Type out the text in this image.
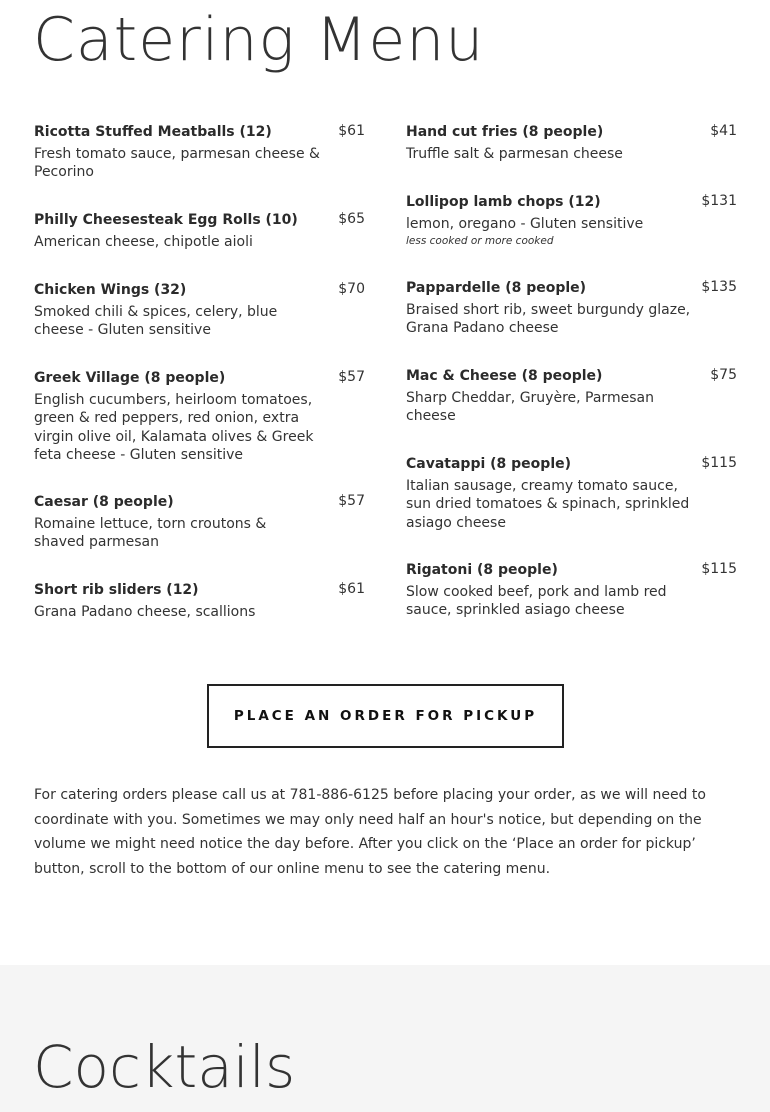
Catering Menu
Ricotta Stuffed Meatballs (12)	$61
Fresh tomato sauce, parmesan cheese & Pecorino
Philly Cheesesteak Egg Rolls (10)	$65
American cheese, chipotle aioli
Chicken Wings (32)	$70
Smoked chili & spices, celery, blue cheese - Gluten sensitive
Greek Village (8 people)	$57
English cucumbers, heirloom tomatoes, green & red peppers, red onion, extra virgin olive oil, Kalamata olives & Greek feta cheese - Gluten sensitive
Caesar (8 people)	$57
Romaine lettuce, torn croutons & shaved parmesan
Short rib sliders (12)	$61
Grana Padano cheese, scallions
Hand cut fries (8 people)	$41
Truffle salt & parmesan cheese
Lollipop lamb chops (12)	$131
lemon, oregano - Gluten sensitive
less cooked or more cooked
Pappardelle (8 people)	$135
Braised short rib, sweet burgundy glaze, Grana Padano cheese
Mac & Cheese (8 people)	$75
Sharp Cheddar, Gruyère, Parmesan cheese
Cavatappi (8 people)	$115
Italian sausage, creamy tomato sauce, sun dried tomatoes & spinach, sprinkled asiago cheese
Rigatoni (8 people)	$115
Slow cooked beef, pork and lamb red sauce, sprinkled asiago cheese
PLACE AN ORDER FOR PICKUP

For catering orders please call us at 781-886-6125 before placing your order, as we will need to coordinate with you. Sometimes we may only need half an hour's notice, but depending on the volume we might need notice the day before. After you click on the ‘Place an order for pickup’ button, scroll to the bottom of our online menu to see the catering menu.

Cocktails
